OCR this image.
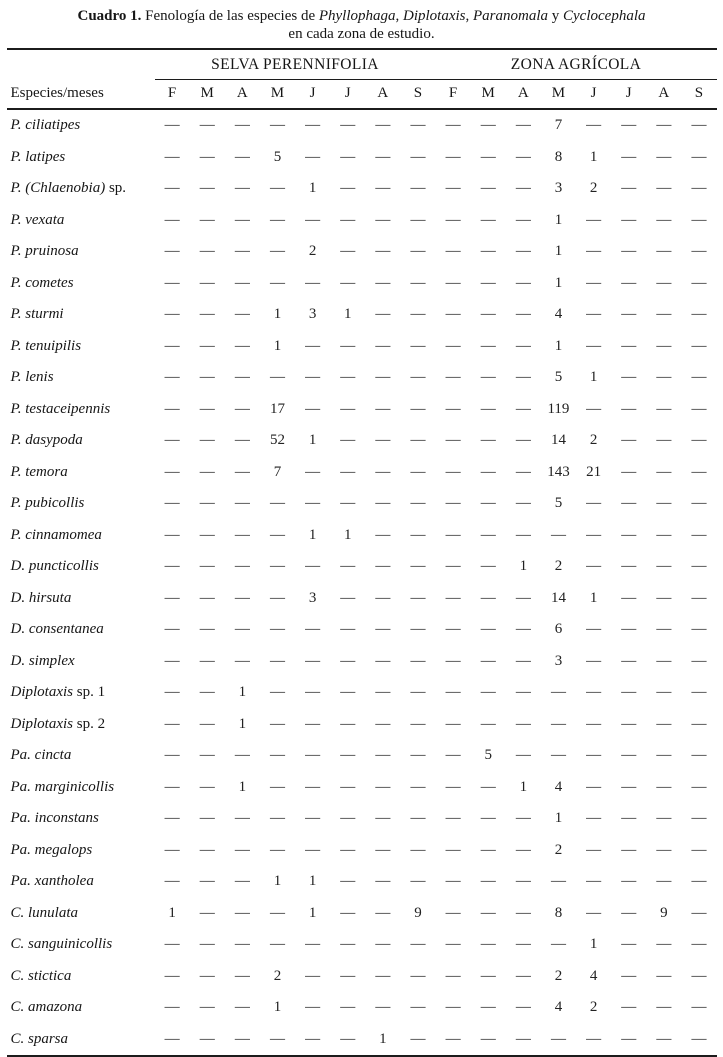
Cuadro 1. Fenología de las especies de Phyllophaga, Diplotaxis, Paranomala y Cyclocephala
en cada zona de estudio.
	SELVA PERENNIFOLIA								ZONA AGRÍCOLA							
Especies/meses	F	M	A	M	J	J	A	S	F	M	A	M	J	J	A	S
P. ciliatipes	—	—	—	—	—	—	—	—	—	—	—	7	—	—	—	—
P. latipes	—	—	—	5	—	—	—	—	—	—	—	8	1	—	—	—
P. (Chlaenobia) sp.	—	—	—	—	1	—	—	—	—	—	—	3	2	—	—	—
P. vexata	—	—	—	—	—	—	—	—	—	—	—	1	—	—	—	—
P. pruinosa	—	—	—	—	2	—	—	—	—	—	—	1	—	—	—	—
P. cometes	—	—	—	—	—	—	—	—	—	—	—	1	—	—	—	—
P. sturmi	—	—	—	1	3	1	—	—	—	—	—	4	—	—	—	—
P. tenuipilis	—	—	—	1	—	—	—	—	—	—	—	1	—	—	—	—
P. lenis	—	—	—	—	—	—	—	—	—	—	—	5	1	—	—	—
P. testaceipennis	—	—	—	17	—	—	—	—	—	—	—	119	—	—	—	—
P. dasypoda	—	—	—	52	1	—	—	—	—	—	—	14	2	—	—	—
P. temora	—	—	—	7	—	—	—	—	—	—	—	143	21	—	—	—
P. pubicollis	—	—	—	—	—	—	—	—	—	—	—	5	—	—	—	—
P. cinnamomea	—	—	—	—	1	1	—	—	—	—	—	—	—	—	—	—
D. puncticollis	—	—	—	—	—	—	—	—	—	—	1	2	—	—	—	—
D. hirsuta	—	—	—	—	3	—	—	—	—	—	—	14	1	—	—	—
D. consentanea	—	—	—	—	—	—	—	—	—	—	—	6	—	—	—	—
D. simplex	—	—	—	—	—	—	—	—	—	—	—	3	—	—	—	—
Diplotaxis sp. 1	—	—	1	—	—	—	—	—	—	—	—	—	—	—	—	—
Diplotaxis sp. 2	—	—	1	—	—	—	—	—	—	—	—	—	—	—	—	—
Pa. cincta	—	—	—	—	—	—	—	—	—	5	—	—	—	—	—	—
Pa. marginicollis	—	—	1	—	—	—	—	—	—	—	1	4	—	—	—	—
Pa. inconstans	—	—	—	—	—	—	—	—	—	—	—	1	—	—	—	—
Pa. megalops	—	—	—	—	—	—	—	—	—	—	—	2	—	—	—	—
Pa. xantholea	—	—	—	1	1	—	—	—	—	—	—	—	—	—	—	—
C. lunulata	1	—	—	—	1	—	—	9	—	—	—	8	—	—	9	—
C. sanguinicollis	—	—	—	—	—	—	—	—	—	—	—	—	1	—	—	—
C. stictica	—	—	—	2	—	—	—	—	—	—	—	2	4	—	—	—
C. amazona	—	—	—	1	—	—	—	—	—	—	—	4	2	—	—	—
C. sparsa	—	—	—	—	—	—	1	—	—	—	—	—	—	—	—	—
